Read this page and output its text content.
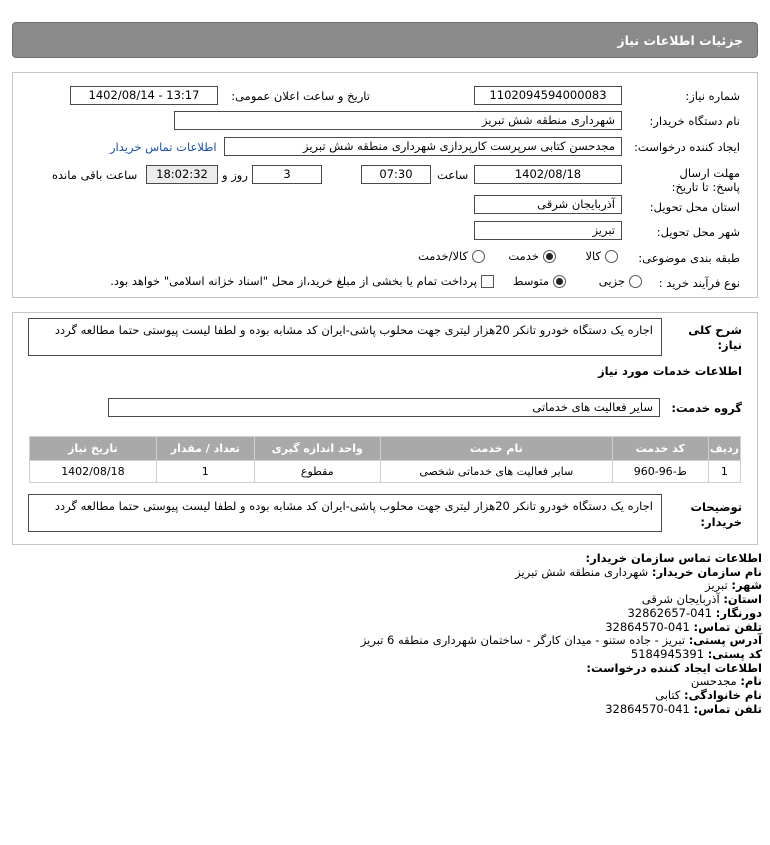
جزئیات اطلاعات نیاز
شماره نیاز:
1102094594000083
تاریخ و ساعت اعلان عمومی:
1402/08/14 - 13:17
نام دستگاه خریدار:
شهرداری منطقه شش تبریز
ایجاد کننده درخواست:
مجدحسن کتابی سرپرست کارپردازی شهرداری منطقه شش تبریز
اطلاعات تماس خریدار
مهلت ارسال پاسخ: تا تاریخ:
1402/08/18
ساعت
07:30
3
روز و
18:02:32
ساعت باقی مانده
استان محل تحویل:
آذربایجان شرقی
شهر محل تحویل:
تبریز
طبقه بندی موضوعی:
کالا
خدمت
کالا/خدمت
نوع فرآیند خرید :
جزیی
متوسط
پرداخت تمام یا بخشی از مبلغ خرید،از محل "اسناد خزانه اسلامی" خواهد بود.
شرح کلی نیاز:
اجاره یک دستگاه خودرو تانکر 20هزار لیتری جهت محلوب پاشی-ایران کد مشابه بوده و لطفا لیست پیوستی حتما مطالعه گردد
اطلاعات خدمات مورد نیاز
گروه خدمت:
سایر فعالیت های خدماتی
ردیف	کد خدمت	نام خدمت	واحد اندازه گیری	تعداد / مقدار	تاریخ نیاز
1	ط-96-960	سایر فعالیت های خدماتی شخصی	مقطوع	1	1402/08/18
توضیحات خریدار:
اجاره یک دستگاه خودرو تانکر 20هزار لیتری جهت محلوب پاشی-ایران کد مشابه بوده و لطفا لیست پیوستی حتما مطالعه گردد
اطلاعات تماس سازمان خریدار:
نام سازمان خریدار: شهرداری منطقه شش تبریز
شهر: تبریز
استان: آذربایجان شرقی
دورنگار: 041-32862657
تلفن تماس: 041-32864570
آدرس پستی: تبریز - جاده ستنو - میدان کارگر - ساختمان شهرداری منطقه 6 تبریز
کد پستی: 5184945391
اطلاعات ایجاد کننده درخواست:
نام: مجدحسن
نام خانوادگی: کتابی
تلفن تماس: 041-32864570
